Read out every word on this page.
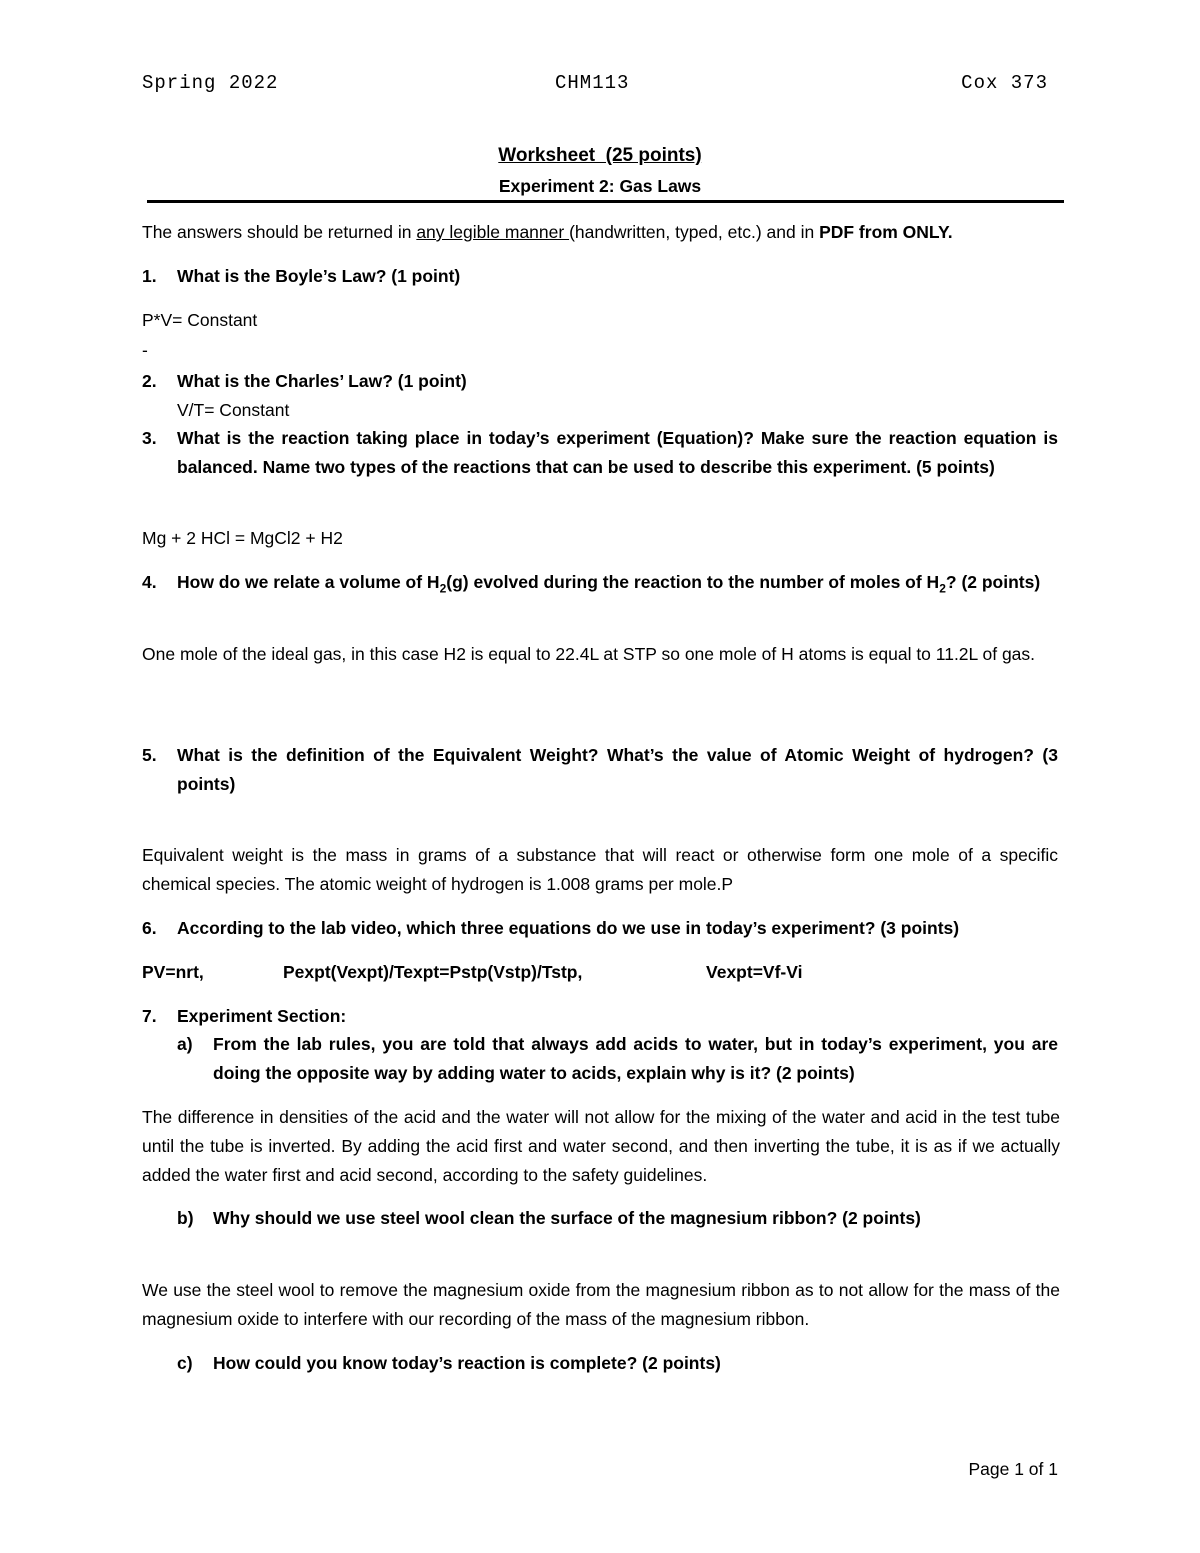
Spring 2022	CHM113	Cox 373
Worksheet  (25 points)
Experiment 2: Gas Laws
The answers should be returned in any legible manner (handwritten, typed, etc.) and in PDF from ONLY.
1. What is the Boyle’s Law? (1 point)
P*V= Constant
-
2. What is the Charles’ Law? (1 point)
V/T= Constant
3. What is the reaction taking place in today’s experiment (Equation)? Make sure the reaction equation is balanced. Name two types of the reactions that can be used to describe this experiment. (5 points)
Mg + 2 HCl = MgCl2 + H2
4. How do we relate a volume of $H_2(g)$ evolved during the reaction to the number of moles of $H_2$? (2 points)
One mole of the ideal gas, in this case H2 is equal to 22.4L at STP so one mole of H atoms is equal to 11.2L of gas.
5. What is the definition of the Equivalent Weight? What’s the value of Atomic Weight of hydrogen? (3 points)
Equivalent weight is the mass in grams of a substance that will react or otherwise form one mole of a specific chemical species. The atomic weight of hydrogen is 1.008 grams per mole.P
6. According to the lab video, which three equations do we use in today’s experiment? (3 points)
PV=nrt,	Pexpt(Vexpt)/Texpt=Pstp(Vstp)/Tstp,	Vexpt=Vf-Vi
7. Experiment Section:
a) From the lab rules, you are told that always add acids to water, but in today’s experiment, you are doing the opposite way by adding water to acids, explain why is it? (2 points)
The difference in densities of the acid and the water will not allow for the mixing of the water and acid in the test tube until the tube is inverted. By adding the acid first and water second, and then inverting the tube, it is as if we actually added the water first and acid second, according to the safety guidelines.
b) Why should we use steel wool clean the surface of the magnesium ribbon? (2 points)
We use the steel wool to remove the magnesium oxide from the magnesium ribbon as to not allow for the mass of the magnesium oxide to interfere with our recording of the mass of the magnesium ribbon.
c) How could you know today’s reaction is complete? (2 points)
Page 1 of 1
